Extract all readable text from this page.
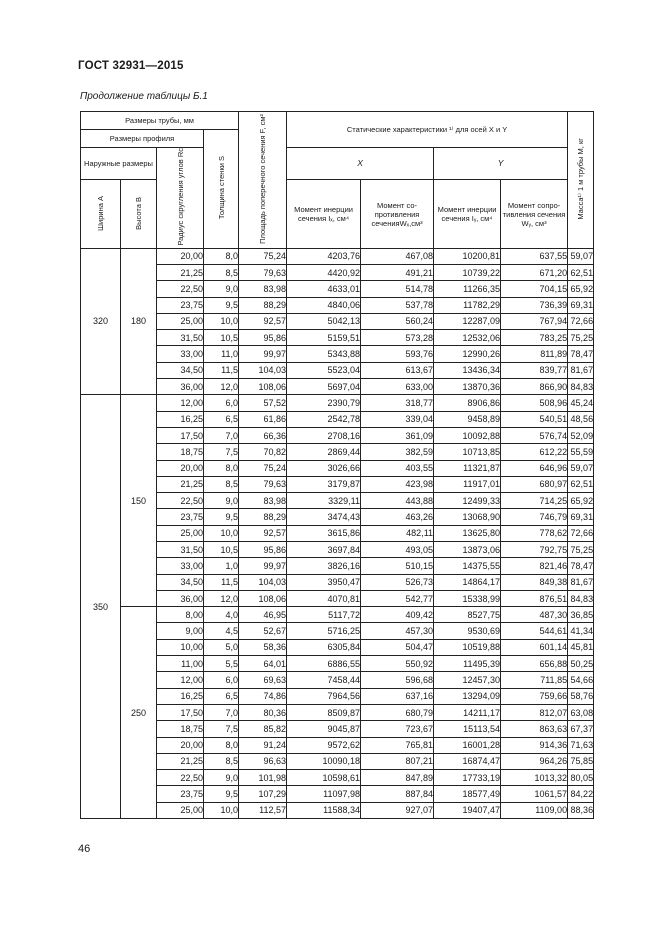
ГОСТ 32931—2015
Продолжение таблицы Б.1
Размеры трубы, мм				Площадь поперечного сечения F, см²	Статические характеристики ¹⁾ для осей X и Y				Масса¹⁾ 1 м трубы M, кг
Размеры профиля			Толщина стенки S						
Наружные размеры		Радиус скругления углов Rc			X		Y		
Ширина A	Высота B				Момент инерции сечения Iₓ, см⁴	Момент со-противления сеченияWₓ,см³	Момент инерции сечения Iᵧ, см⁴	Момент сопро-тивления сечения Wᵧ, см³	
320	180	20,00	8,0	75,24	4203,76	467,08	10200,81	637,55	59,07
		21,25	8,5	79,63	4420,92	491,21	10739,22	671,20	62,51
		22,50	9,0	83,98	4633,01	514,78	11266,35	704,15	65,92
		23,75	9,5	88,29	4840,06	537,78	11782,29	736,39	69,31
		25,00	10,0	92,57	5042,13	560,24	12287,09	767,94	72,66
		31,50	10,5	95,86	5159,51	573,28	12532,06	783,25	75,25
		33,00	11,0	99,97	5343,88	593,76	12990,26	811,89	78,47
		34,50	11,5	104,03	5523,04	613,67	13436,34	839,77	81,67
		36,00	12,0	108,06	5697,04	633,00	13870,36	866,90	84,83
350	150	12,00	6,0	57,52	2390,79	318,77	8906,86	508,96	45,24
		16,25	6,5	61,86	2542,78	339,04	9458,89	540,51	48,56
		17,50	7,0	66,36	2708,16	361,09	10092,88	576,74	52,09
		18,75	7,5	70,82	2869,44	382,59	10713,85	612,22	55,59
		20,00	8,0	75,24	3026,66	403,55	11321,87	646,96	59,07
		21,25	8,5	79,63	3179,87	423,98	11917,01	680,97	62,51
		22,50	9,0	83,98	3329,11	443,88	12499,33	714,25	65,92
		23,75	9,5	88,29	3474,43	463,26	13068,90	746,79	69,31
		25,00	10,0	92,57	3615,86	482,11	13625,80	778,62	72,66
		31,50	10,5	95,86	3697,84	493,05	13873,06	792,75	75,25
		33,00	1,0	99,97	3826,16	510,15	14375,55	821,46	78,47
		34,50	11,5	104,03	3950,47	526,73	14864,17	849,38	81,67
		36,00	12,0	108,06	4070,81	542,77	15338,99	876,51	84,83
	250	8,00	4,0	46,95	5117,72	409,42	8527,75	487,30	36,85
		9,00	4,5	52,67	5716,25	457,30	9530,69	544,61	41,34
		10,00	5,0	58,36	6305,84	504,47	10519,88	601,14	45,81
		11,00	5,5	64,01	6886,55	550,92	11495,39	656,88	50,25
		12,00	6,0	69,63	7458,44	596,68	12457,30	711,85	54,66
		16,25	6,5	74,86	7964,56	637,16	13294,09	759,66	58,76
		17,50	7,0	80,36	8509,87	680,79	14211,17	812,07	63,08
		18,75	7,5	85,82	9045,87	723,67	15113,54	863,63	67,37
		20,00	8,0	91,24	9572,62	765,81	16001,28	914,36	71,63
		21,25	8,5	96,63	10090,18	807,21	16874,47	964,26	75,85
		22,50	9,0	101,98	10598,61	847,89	17733,19	1013,32	80,05
		23,75	9,5	107,29	11097,98	887,84	18577,49	1061,57	84,22
		25,00	10,0	112,57	11588,34	927,07	19407,47	1109,00	88,36
46
